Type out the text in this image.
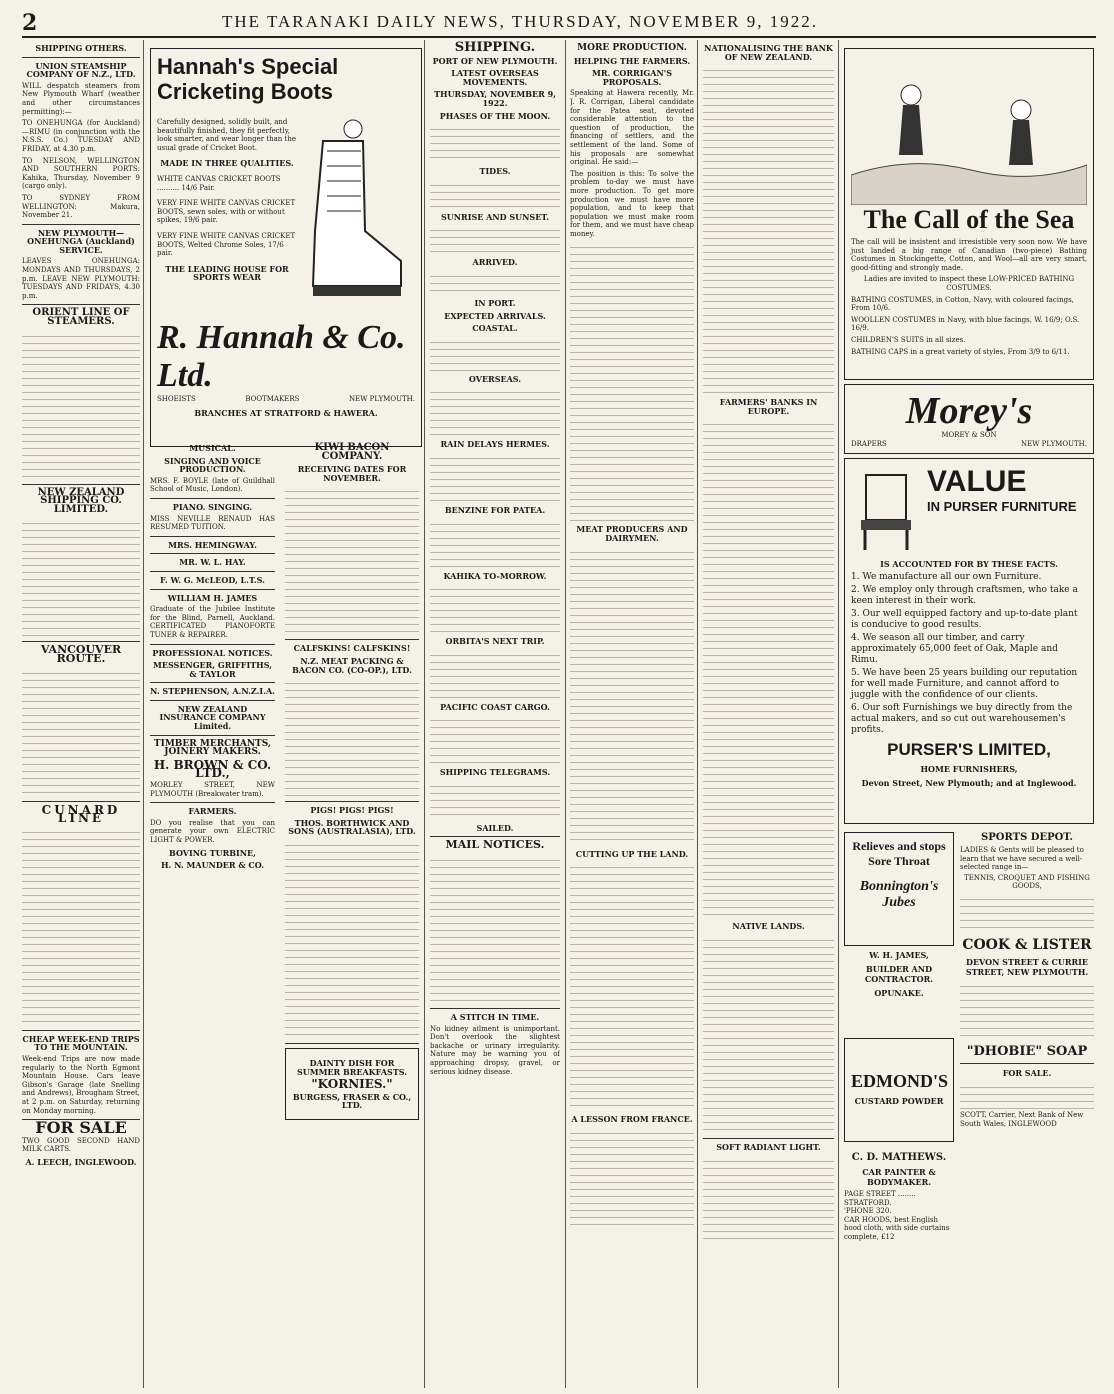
2	THE TARANAKI DAILY NEWS, THURSDAY, NOVEMBER 9, 1922.
SHIPPING OTHERS.
UNION STEAMSHIP COMPANY OF N.Z., LTD.

WILL despatch steamers from New Plymouth Wharf (weather and other circumstances permitting):—

TO ONEHUNGA (for Auckland)—RIMU (in conjunction with the N.S.S. Co.) TUESDAY AND FRIDAY, at 4.30 p.m.

TO NELSON, WELLINGTON AND SOUTHERN PORTS: Kahika, Thursday, November 9 (cargo only).

TO SYDNEY FROM WELLINGTON: Makura, November 21.

NEW PLYMOUTH—ONEHUNGA (Auckland) SERVICE.

LEAVES ONEHUNGA: MONDAYS AND THURSDAYS, 2 p.m. LEAVE NEW PLYMOUTH: TUESDAYS AND FRIDAYS, 4.30 p.m.

ORIENT LINE OF STEAMERS.
NEW ZEALAND SHIPPING CO. LIMITED.
VANCOUVER ROUTE.
CUNARD LINE
CHEAP WEEK-END TRIPS TO THE MOUNTAIN.

Week-end Trips are now made regularly to the North Egmont Mountain House. Cars leave Gibson's Garage (late Snelling and Andrews), Brougham Street, at 2 p.m. on Saturday, returning on Monday morning.

FOR SALE

TWO GOOD SECOND HAND MILK CARTS.

A. LEECH, INGLEWOOD.
Hannah's Special
Cricketing Boots

Carefully designed, solidly built, and beautifully finished, they fit perfectly, look smarter, and wear longer than the usual grade of Cricket Boot.

MADE IN THREE QUALITIES.

WHITE CANVAS CRICKET BOOTS .......... 14/6 Pair.

VERY FINE WHITE CANVAS CRICKET BOOTS, sewn soles, with or without spikes, 19/6 pair.

VERY FINE WHITE CANVAS CRICKET BOOTS, Welted Chrome Soles, 17/6 pair.

THE LEADING HOUSE FOR SPORTS WEAR
R. Hannah & Co. Ltd.
SHOEISTS	BOOTMAKERS	NEW PLYMOUTH.
BRANCHES AT STRATFORD & HAWERA.
MUSICAL.
SINGING AND VOICE PRODUCTION.

MRS. F. BOYLE (late of Guildhall School of Music, London).

PIANO. SINGING.

MISS NEVILLE RENAUD HAS RESUMED TUITION.

MRS. HEMINGWAY.
MR. W. L. HAY.
F. W. G. McLEOD, L.T.S.
WILLIAM H. JAMES

Graduate of the Jubilee Institute for the Blind, Parnell, Auckland. CERTIFICATED PIANOFORTE TUNER & REPAIRER.

PROFESSIONAL NOTICES.
MESSENGER, GRIFFITHS, & TAYLOR
N. STEPHENSON, A.N.Z.I.A.
NEW ZEALAND INSURANCE COMPANY Limited.
TIMBER MERCHANTS, JOINERY MAKERS.
H. BROWN & CO. LTD.,

MORLEY STREET, NEW PLYMOUTH (Breakwater tram).

FARMERS.

DO you realise that you can generate your own ELECTRIC LIGHT & POWER.

BOVING TURBINE,
H. N. MAUNDER & CO.
KIWI BACON COMPANY.
RECEIVING DATES FOR NOVEMBER.
CALFSKINS! CALFSKINS!
N.Z. MEAT PACKING & BACON CO. (CO-OP.), LTD.
PIGS! PIGS! PIGS!
THOS. BORTHWICK AND SONS (AUSTRALASIA), LTD.
DAINTY DISH FOR SUMMER BREAKFASTS.
"KORNIES."
BURGESS, FRASER & CO., LTD.
SHIPPING.
PORT OF NEW PLYMOUTH.
LATEST OVERSEAS MOVEMENTS.
THURSDAY, NOVEMBER 9, 1922.
PHASES OF THE MOON.
TIDES.
SUNRISE AND SUNSET.
ARRIVED.
IN PORT.
EXPECTED ARRIVALS.
COASTAL.
OVERSEAS.
RAIN DELAYS HERMES.
BENZINE FOR PATEA.
KAHIKA TO-MORROW.
ORBITA'S NEXT TRIP.
PACIFIC COAST CARGO.
SHIPPING TELEGRAMS.
SAILED.
MAIL NOTICES.
A STITCH IN TIME.

No kidney ailment is unimportant. Don't overlook the slightest backache or urinary irregularity. Nature may be warning you of approaching dropsy, gravel, or serious kidney disease.

MORE PRODUCTION.
HELPING THE FARMERS.
MR. CORRIGAN'S PROPOSALS.

Speaking at Hawera recently, Mr. J. R. Corrigan, Liberal candidate for the Patea seat, devoted considerable attention to the question of production, the financing of settlers, and the settlement of the land. Some of his proposals are somewhat original. He said:—

The position is this: To solve the problem to-day we must have more production. To get more production we must have more population, and to keep that population we must make room for them, and we must have cheap money.

MEAT PRODUCERS AND DAIRYMEN.
CUTTING UP THE LAND.
A LESSON FROM FRANCE.
NATIONALISING THE BANK OF NEW ZEALAND.
FARMERS' BANKS IN EUROPE.
NATIVE LANDS.
SOFT RADIANT LIGHT.
The Call of the Sea

The call will be insistent and irresistible very soon now. We have just landed a big range of Canadian (two-piece) Bathing Costumes in Stockingette, Cotton, and Wool—all are very smart, good-fitting and strongly made.

Ladies are invited to inspect these LOW-PRICED BATHING COSTUMES.

BATHING COSTUMES, in Cotton, Navy, with coloured facings, From 10/6.

WOOLLEN COSTUMES in Navy, with blue facings, W. 16/9; O.S. 16/9.

CHILDREN'S SUITS in all sizes.

BATHING CAPS in a great variety of styles, From 3/9 to 6/11.

Morey's
MOREY & SON
DRAPERS	NEW PLYMOUTH.
VALUE
IN PURSER FURNITURE
IS ACCOUNTED FOR BY THESE FACTS.

1. We manufacture all our own Furniture.

2. We employ only through craftsmen, who take a keen interest in their work.

3. Our well equipped factory and up-to-date plant is conducive to good results.

4. We season all our timber, and carry approximately 65,000 feet of Oak, Maple and Rimu.

5. We have been 25 years building our reputation for well made Furniture, and cannot afford to juggle with the confidence of our clients.

6. Our soft Furnishings we buy directly from the actual makers, and so cut out warehousemen's profits.

PURSER'S LIMITED,
HOME FURNISHERS,
Devon Street, New Plymouth; and at Inglewood.
Relieves and stops Sore Throat
Bonnington's Jubes
W. H. JAMES,
BUILDER AND CONTRACTOR.
OPUNAKE.
EDMOND'S
CUSTARD POWDER
C. D. MATHEWS.
CAR PAINTER & BODYMAKER.
PAGE STREET ........ STRATFORD.
'PHONE 320.
CAR HOODS, best English hood cloth, with side curtains complete, £12
SPORTS DEPOT.

LADIES & Gents will be pleased to learn that we have secured a well-selected range in—

TENNIS, CROQUET AND FISHING GOODS,

COOK & LISTER
DEVON STREET & CURRIE STREET, NEW PLYMOUTH.
"DHOBIE" SOAP
FOR SALE.
SCOTT, Carrier, Next Bank of New South Wales, INGLEWOOD
